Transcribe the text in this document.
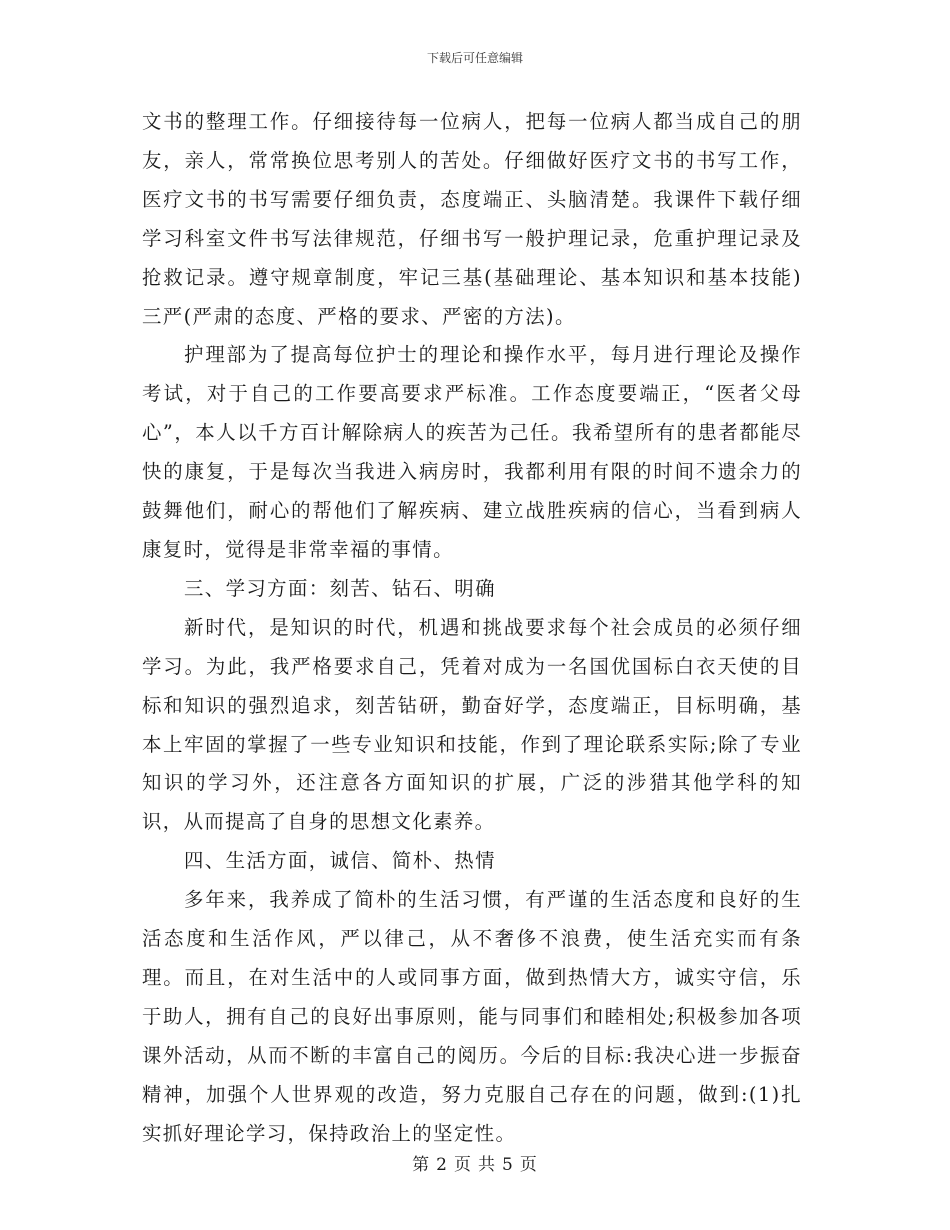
下载后可任意编辑

文书的整理工作。仔细接待每一位病人，把每一位病人都当成自己的朋友，亲人，常常换位思考别人的苦处。仔细做好医疗文书的书写工作，医疗文书的书写需要仔细负责，态度端正、头脑清楚。我课件下载仔细学习科室文件书写法律规范，仔细书写一般护理记录，危重护理记录及抢救记录。遵守规章制度，牢记三基(基础理论、基本知识和基本技能)三严(严肃的态度、严格的要求、严密的方法)。

护理部为了提高每位护士的理论和操作水平，每月进行理论及操作考试，对于自己的工作要高要求严标准。工作态度要端正，“医者父母心”，本人以千方百计解除病人的疾苦为己任。我希望所有的患者都能尽快的康复，于是每次当我进入病房时，我都利用有限的时间不遗余力的鼓舞他们，耐心的帮他们了解疾病、建立战胜疾病的信心，当看到病人康复时，觉得是非常幸福的事情。

三、学习方面：刻苦、钻石、明确

新时代，是知识的时代，机遇和挑战要求每个社会成员的必须仔细学习。为此，我严格要求自己，凭着对成为一名国优国标白衣天使的目标和知识的强烈追求，刻苦钻研，勤奋好学，态度端正，目标明确，基本上牢固的掌握了一些专业知识和技能，作到了理论联系实际;除了专业知识的学习外，还注意各方面知识的扩展，广泛的涉猎其他学科的知识，从而提高了自身的思想文化素养。

四、生活方面，诚信、简朴、热情

多年来，我养成了简朴的生活习惯，有严谨的生活态度和良好的生活态度和生活作风，严以律己，从不奢侈不浪费，使生活充实而有条理。而且，在对生活中的人或同事方面，做到热情大方，诚实守信，乐于助人，拥有自己的良好出事原则，能与同事们和睦相处;积极参加各项课外活动，从而不断的丰富自己的阅历。今后的目标:我决心进一步振奋精神，加强个人世界观的改造，努力克服自己存在的问题，做到:(1)扎实抓好理论学习，保持政治上的坚定性。

第 2 页 共 5 页
